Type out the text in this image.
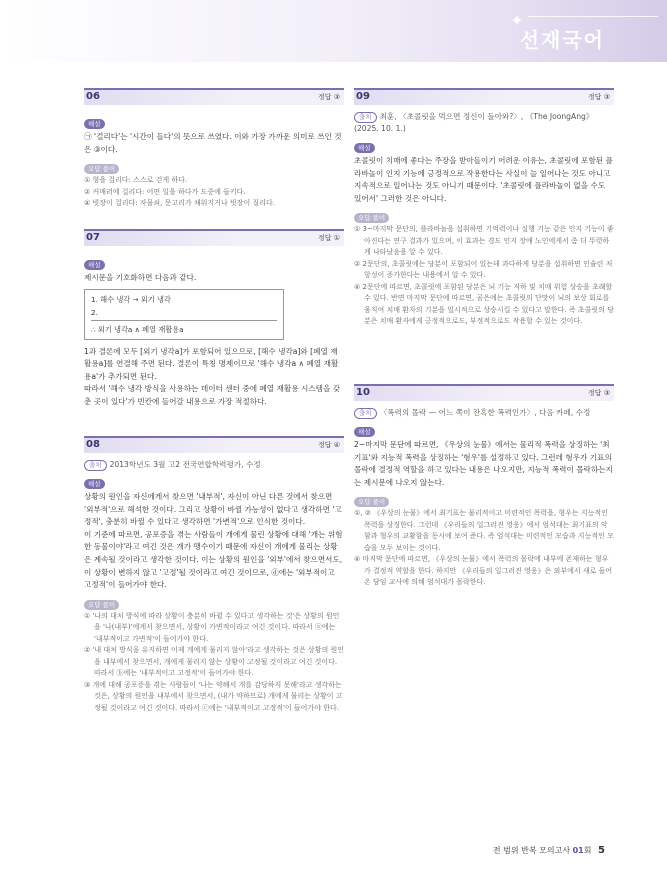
✦
선재국어
06	정답 ③
해설
㉠ '걸리다'는 '시간이 들다'의 뜻으로 쓰였다. 이와 가장 가까운 의미로 쓰인 것은 ③이다.
오답 풀이
① 형을 걸리다: 스스로 걷게 하다.
② 커매러에 걸리다: 어떤 일을 하다가 도중에 들키다.
④ 빗장이 걸리다: 자물쇠, 문고리가 채워지거나 빗장이 질리다.
07	정답 ①
해설
제시문을 기호화하면 다음과 같다.
1. 해수 냉각 → 외기 냉각
2.
∴ 외기 냉각a ∧ 폐열 재활용a
1과 결론에 모두 [외기 냉각a]가 포함되어 있으므로, [해수 냉각a]와 [폐열 재활용a]를 연결해 주면 된다. 결론이 특칭 명제이므로 '해수 냉각a ∧ 폐열 재활용a'가 추가되면 된다.
따라서 '해수 냉각 방식을 사용하는 데이터 센터 중에 폐열 재활용 시스템을 갖춘 곳이 있다'가 빈칸에 들어갈 내용으로 가장 적절하다.
08	정답 ④
출처 2013학년도 3월 고2 전국연합학력평가, 수정
해설
상황의 원인을 자신에게서 찾으면 '내부적', 자신이 아닌 다른 것에서 찾으면 '외부적'으로 해석한 것이다. 그리고 상황이 바뀔 가능성이 없다고 생각하면 '고정적', 충분히 바뀔 수 있다고 생각하면 '가변적'으로 인식한 것이다.
이 기준에 따르면, 공포증을 겪는 사람들이 개에게 물린 상황에 대해 '개는 위험한 동물이야'라고 여긴 것은 개가 맹수이기 때문에 자신이 개에게 물리는 상황은 계속될 것이라고 생각한 것이다. 이는 상황의 원인을 '외부'에서 찾으면서도, 이 상황이 변하지 않고 '고정'될 것이라고 여긴 것이므로, ⓓ에는 '외부적이고 고정적'이 들어가야 한다.
오답 풀이
① '나의 대처 방식에 따라 상황이 충분히 바뀔 수 있다고 생각하는 것'은 상황의 원인을 '나(내부)'에게서 찾으면서, 상황이 가변적이라고 여긴 것이다. 따라서 ⓐ에는 '내부적이고 가변적'이 들어가야 한다.
② '내 대처 방식을 유지하면 이제 개에게 물리지 않아'라고 생각하는 것은 상황의 원인을 내부에서 찾으면서, 개에게 물리지 않는 상황이 고정될 것이라고 여긴 것이다. 따라서 ⓑ에는 '내부적이고 고정적'이 들어가야 한다.
③ 개에 대해 공포증을 겪는 사람들이 '나는 약해서 개를 감당하지 못해'라고 생각하는 것은, 상황의 원인을 내부에서 찾으면서, (내가 약하므로) 개에게 물리는 상황이 고정될 것이라고 여긴 것이다. 따라서 ⓒ에는 '내부적이고 고정적'이 들어가야 한다.
09	정답 ③
출처 최훈, 〈초콜릿을 먹으면 정신이 돌아와?〉, 《The JoongAng》(2025. 10. 1.)
해설
초콜릿이 치매에 좋다는 주장을 받아들이기 어려운 이유는, 초콜릿에 포함된 플라바놀이 인지 기능에 긍정적으로 작용한다는 사실이 늘 일어나는 것도 아니고 지속적으로 일어나는 것도 아니기 때문이다. '초콜릿에 플라바놀이 없을 수도 있어서' 그러한 것은 아니다.
오답 풀이
① 3~마지막 문단의, 플라바놀을 섭취하면 기억력이나 실행 기능 같은 인지 기능이 좋아진다는 연구 결과가 있으며, 이 효과는 경도 인지 장애 노인에게서 좀 더 뚜렷하게 나타났음을 알 수 있다.
② 2문단의, 초콜릿에는 당분이 포함되어 있는데 과다하게 당분을 섭취하면 인슐린 저항성이 증가한다는 내용에서 알 수 있다.
④ 2문단에 따르면, 초콜릿에 포함된 당분은 뇌 기능 저하 및 치매 위험 상승을 초래할 수 있다. 반면 마지막 문단에 따르면, 곰은에는 초콜릿의 단맛이 뇌의 보상 회로를 움직여 치매 환자의 기분을 일시적으로 상승시킬 수 있다고 말한다. 즉 초콜릿의 당분은 치매 환자에게 긍정적으로도, 부정적으로도 작용할 수 있는 것이다.
10	정답 ③
출처 〈폭력의 몰락 — 어느 쪽이 잔혹한 폭력인가〉, 다음 카페, 수정
해설
2~마지막 문단에 따르면, 《우상의 눈물》에서는 물리적 폭력을 상징하는 '최기표'와 지능적 폭력을 상징하는 '형우'를 설정하고 있다. 그런데 형우가 기표의 몰락에 결정적 역할을 하고 있다는 내용은 나오지만, 지능적 폭력이 몰락하는지는 제시문에 나오지 않는다.
오답 풀이
①, ② 《우상의 눈물》에서 최기표는 물리적이고 미련적인 폭력을, 형우는 지능적인 폭력을 상징한다. 그런데 《우리들의 일그러진 영웅》에서 엄석대는 최기표의 악함과 형우의 교활함을 동시에 보여 준다. 즉 엄석대는 미련적인 모습과 지능적인 모습을 모두 보이는 것이다.
④ 마지막 문단에 따르면, 《우상의 눈물》에서 폭력의 몰락에 내부에 존재하는 형우가 결정적 역할을 한다. 하지만 《우리들의 일그러진 영웅》은 외부에서 새로 들어온 담임 교사에 의해 엄석대가 몰락한다.
전 범위 반복 모의고사 01회 5
